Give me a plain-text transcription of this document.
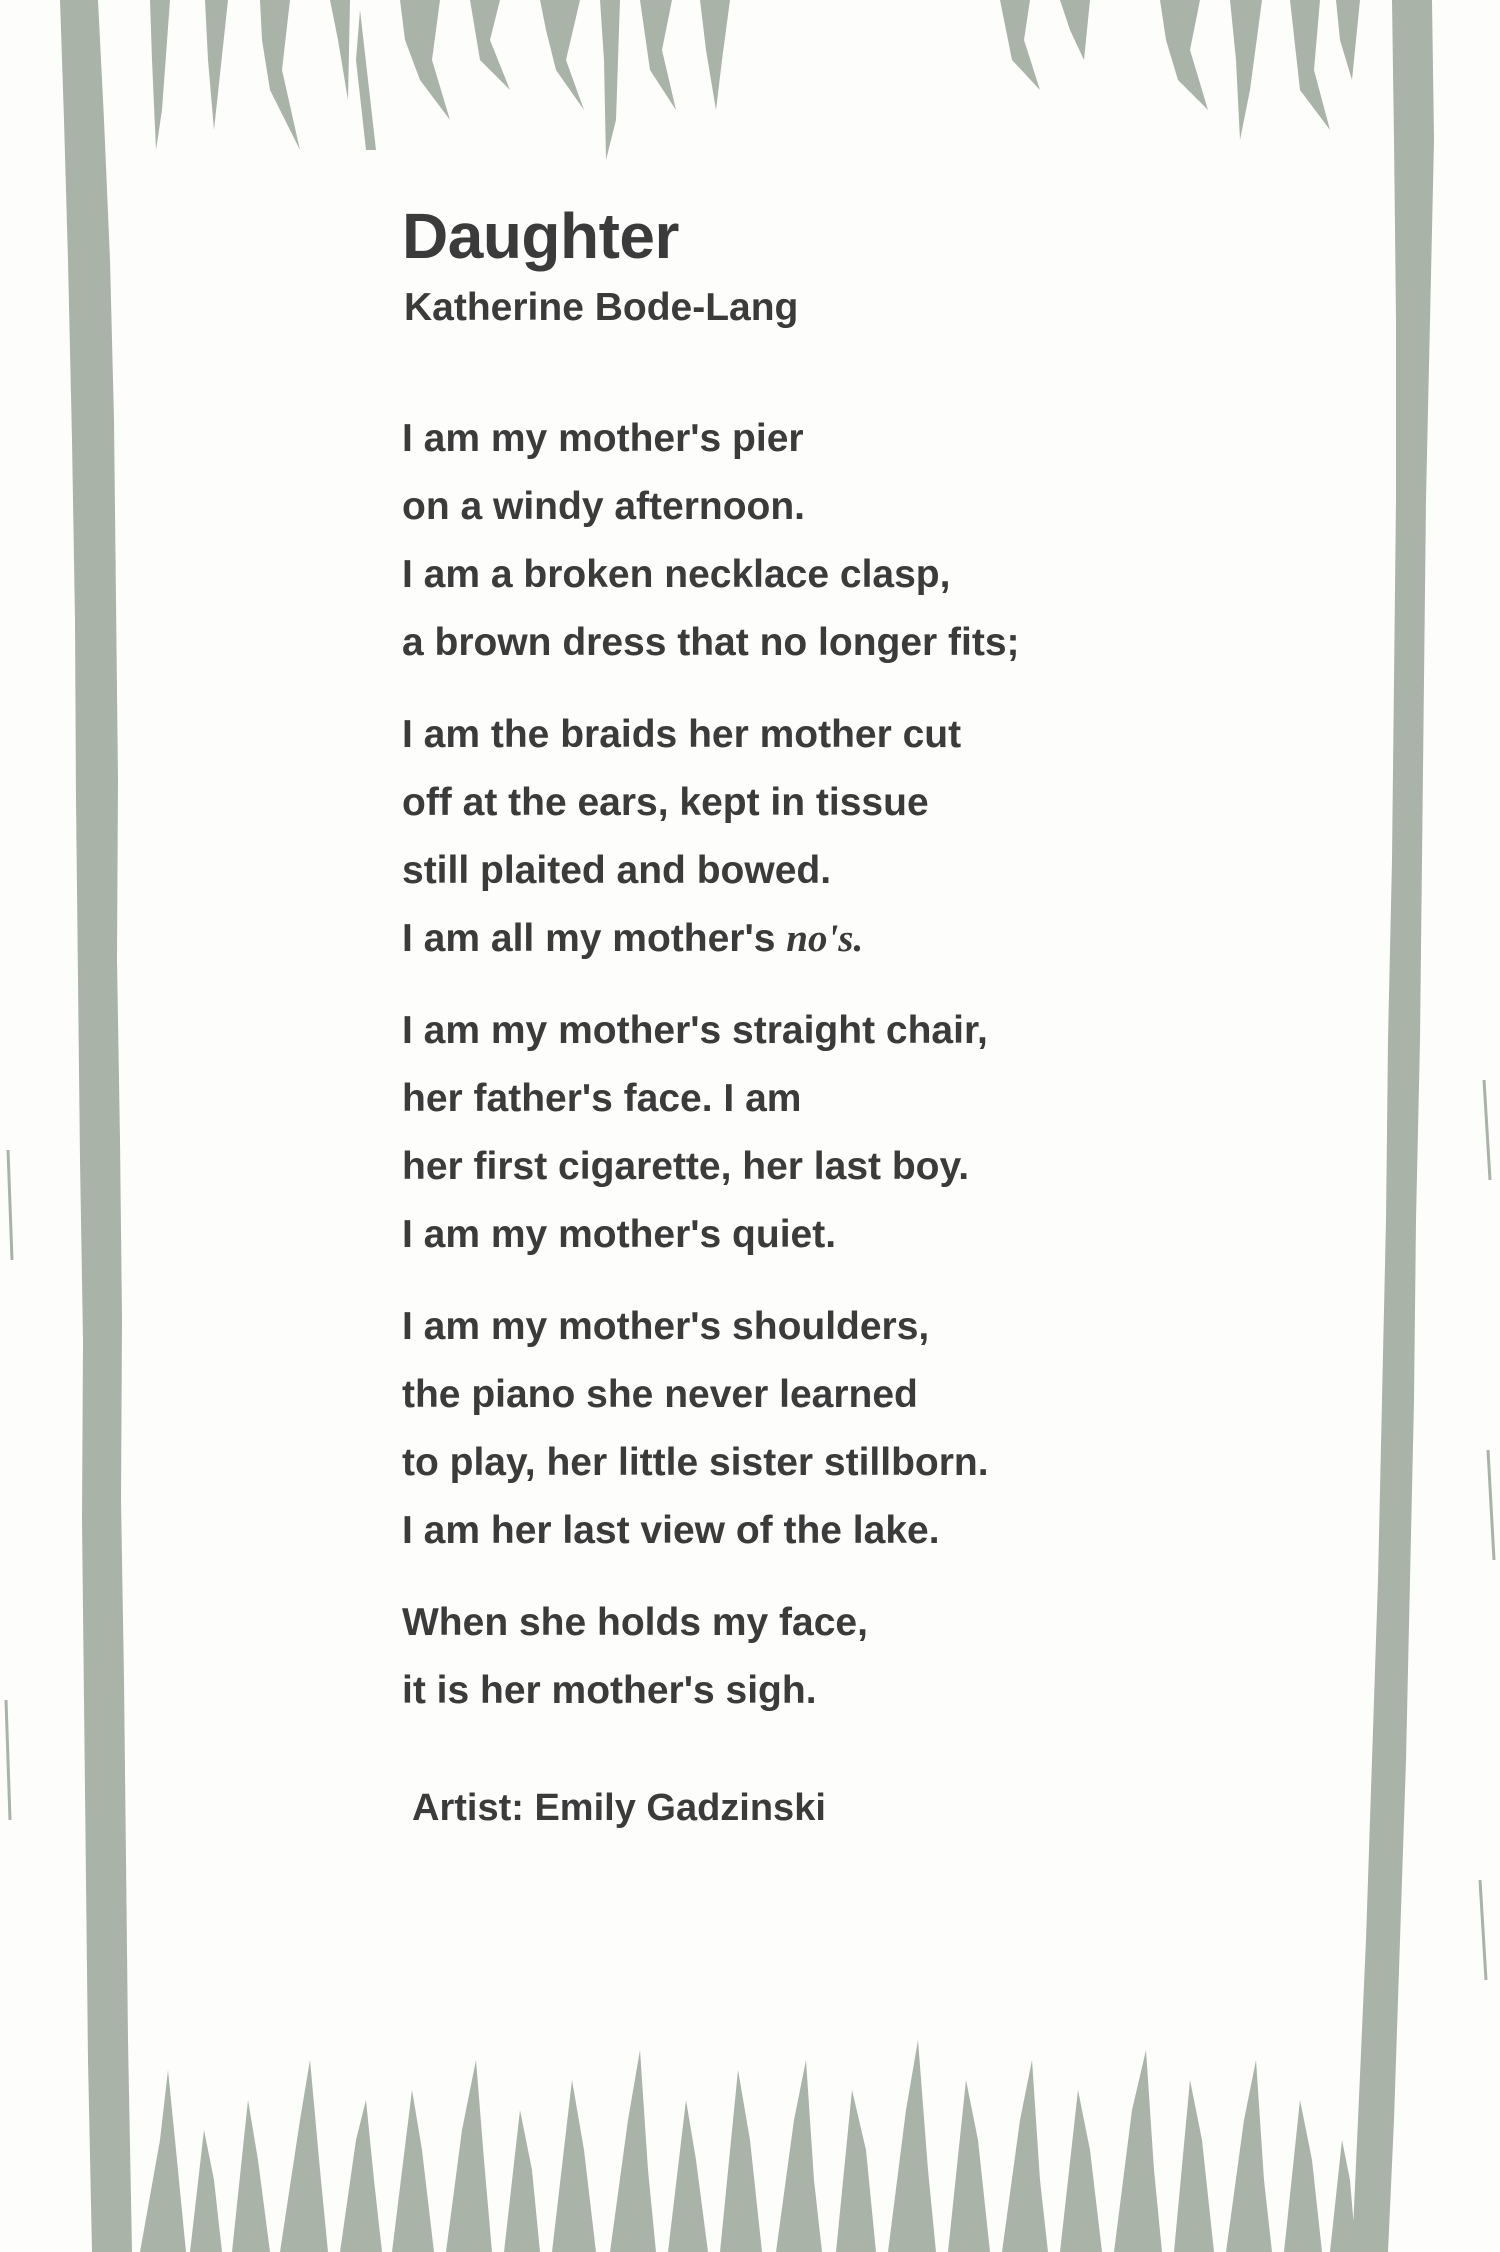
Daughter
Katherine Bode-Lang
I am my mother's pier
on a windy afternoon.
I am a broken necklace clasp,
a brown dress that no longer fits;
I am the braids her mother cut
off at the ears, kept in tissue
still plaited and bowed.
I am all my mother's no's.
I am my mother's straight chair,
her father's face. I am
her first cigarette, her last boy.
I am my mother's quiet.
I am my mother's shoulders,
the piano she never learned
to play, her little sister stillborn.
I am her last view of the lake.
When she holds my face,
it is her mother's sigh.
Artist: Emily Gadzinski
